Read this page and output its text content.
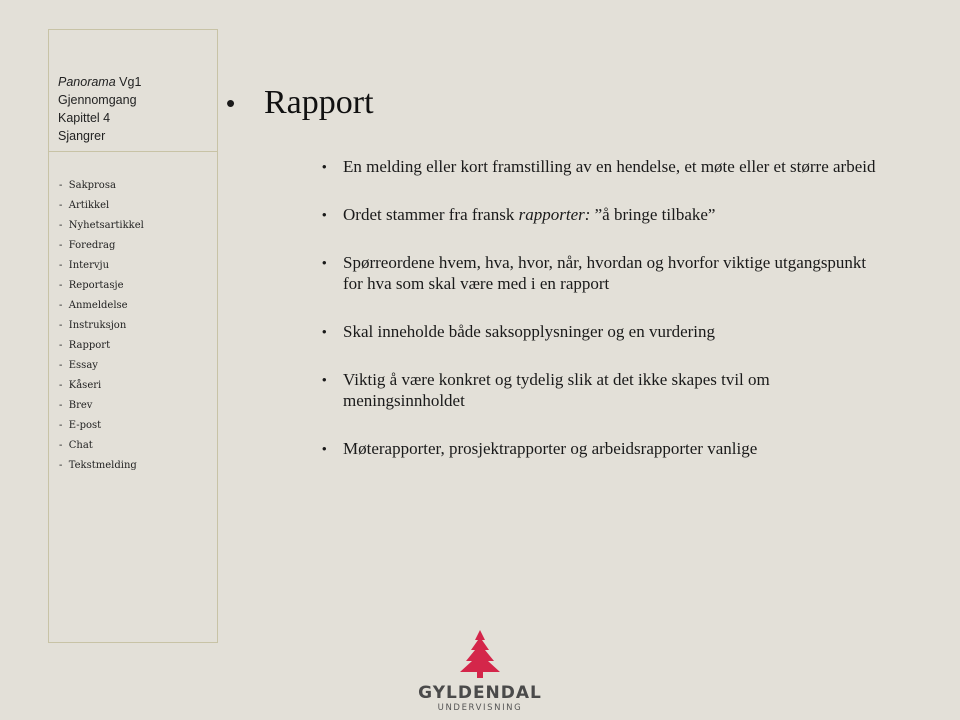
Panorama Vg1
Gjennomgang
Kapittel 4
Sjangrer
- Sakprosa
- Artikkel
- Nyhetsartikkel
- Foredrag
- Intervju
- Reportasje
- Anmeldelse
- Instruksjon
- Rapport
- Essay
- Kåseri
- Brev
- E-post
- Chat
- Tekstmelding
• Rapport
• En melding eller kort framstilling av en hendelse, et møte eller et større arbeid
• Ordet stammer fra fransk rapporter: ”å bringe tilbake”
• Spørreordene hvem, hva, hvor, når, hvordan og hvorfor viktige utgangspunkt for hva som skal være med i en rapport
• Skal inneholde både saksopplysninger og en vurdering
• Viktig å være konkret og tydelig slik at det ikke skapes tvil om meningsinnholdet
• Møterapporter, prosjektrapporter og arbeidsrapporter vanlige
GYLDENDAL
UNDERVISNING
